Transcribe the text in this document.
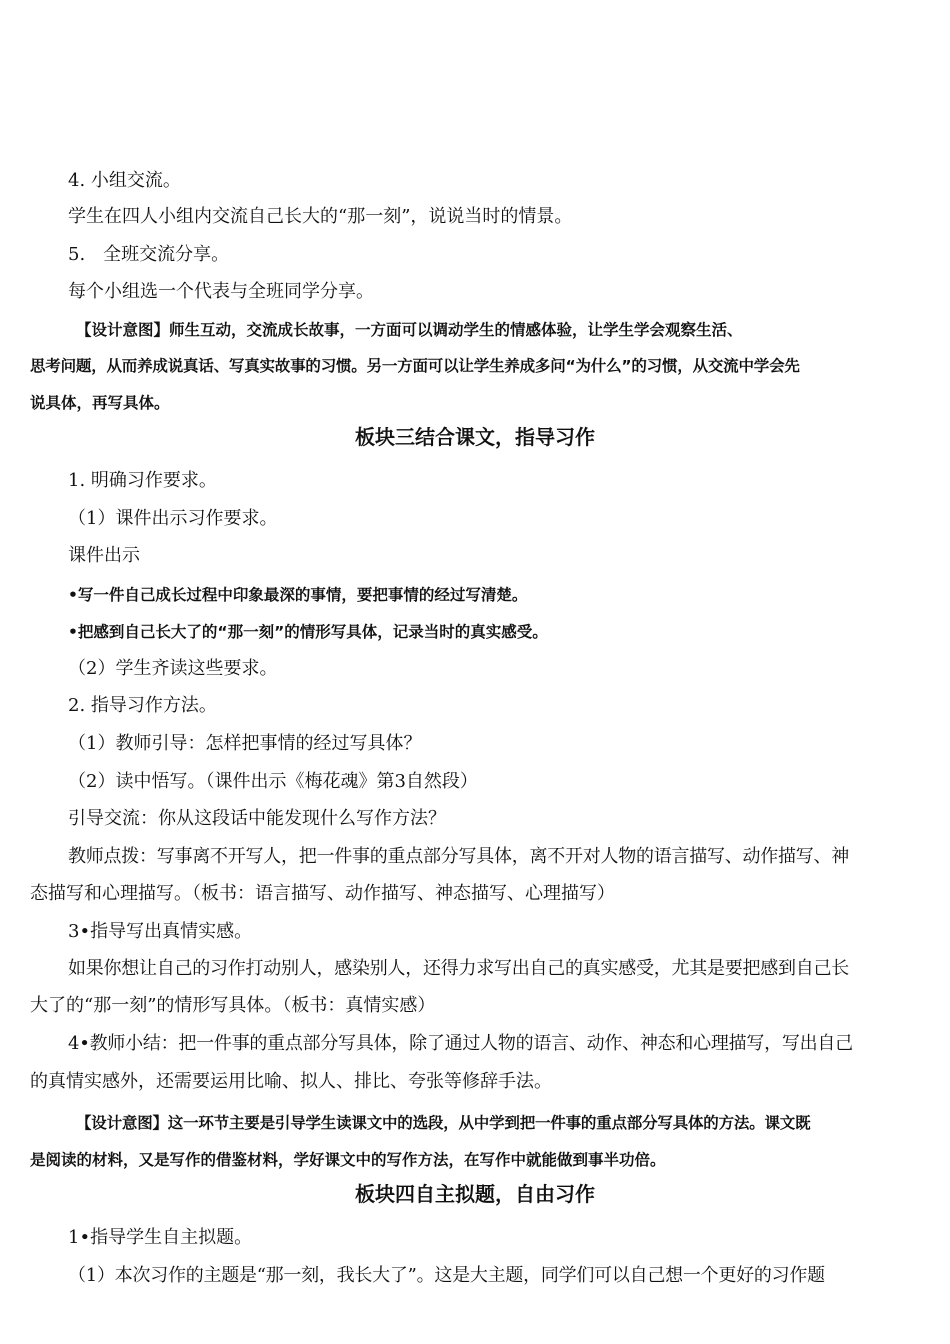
4. 小组交流。
学生在四人小组内交流自己长大的“那一刻”，说说当时的情景。
5.　全班交流分享。
每个小组选一个代表与全班同学分享。
【设计意图】师生互动，交流成长故事，一方面可以调动学生的情感体验，让学生学会观察生活、
思考问题，从而养成说真话、写真实故事的习惯。另一方面可以让学生养成多问“为什么”的习惯，从交流中学会先
说具体，再写具体。
板块三结合课文，指导习作
1. 明确习作要求。
（1）课件出示习作要求。
课件出示
•写一件自己成长过程中印象最深的事情，要把事情的经过写清楚。
•把感到自己长大了的“那一刻”的情形写具体，记录当时的真实感受。
（2）学生齐读这些要求。
2. 指导习作方法。
（1）教师引导：怎样把事情的经过写具体？
（2）读中悟写。（课件出示《梅花魂》第3自然段）
引导交流：你从这段话中能发现什么写作方法？
教师点拨：写事离不开写人，把一件事的重点部分写具体，离不开对人物的语言描写、动作描写、神
态描写和心理描写。（板书：语言描写、动作描写、神态描写、心理描写）
3•指导写出真情实感。
如果你想让自己的习作打动别人，感染别人，还得力求写出自己的真实感受，尤其是要把感到自己长
大了的“那一刻”的情形写具体。（板书：真情实感）
4•教师小结：把一件事的重点部分写具体，除了通过人物的语言、动作、神态和心理描写，写出自己
的真情实感外，还需要运用比喻、拟人、排比、夸张等修辞手法。
【设计意图】这一环节主要是引导学生读课文中的选段，从中学到把一件事的重点部分写具体的方法。课文既
是阅读的材料，又是写作的借鉴材料，学好课文中的写作方法，在写作中就能做到事半功倍。
板块四自主拟题，自由习作
1•指导学生自主拟题。
（1）本次习作的主题是“那一刻，我长大了”。这是大主题，同学们可以自己想一个更好的习作题
